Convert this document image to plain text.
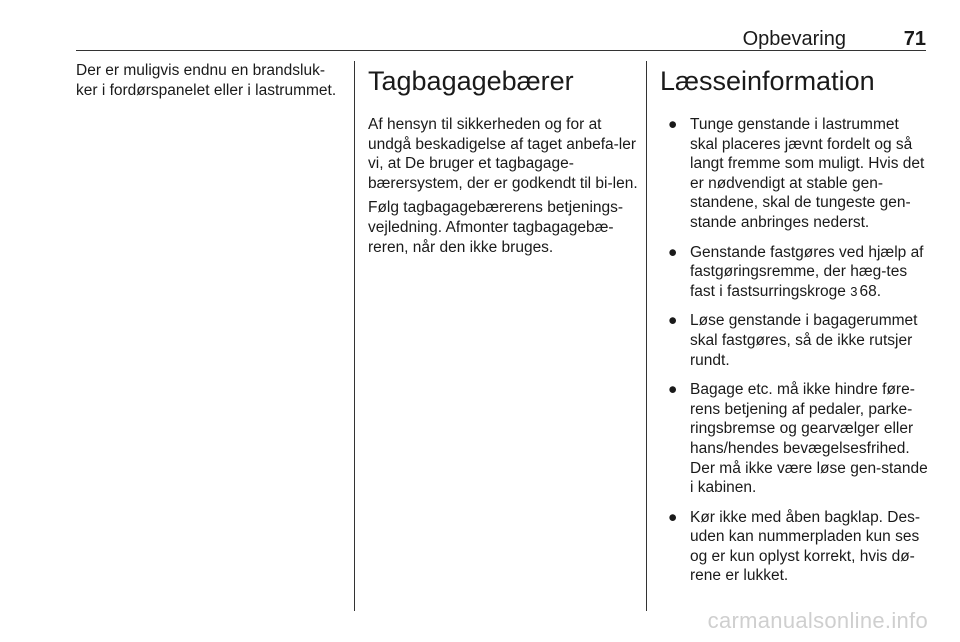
Opbevaring	71

Der er muligvis endnu en brandsluk-ker i fordørspanelet eller i lastrummet.	Tagbagagebærer

Af hensyn til sikkerheden og for at undgå beskadigelse af taget anbefa-ler vi, at De bruger et tagbagage-bærersystem, der er godkendt til bi-len.

Følg tagbagagebærerens betjenings-vejledning. Afmonter tagbagagebæ-reren, når den ikke bruges.

Læsseinformation
● Tunge genstande i lastrummet skal placeres jævnt fordelt og så langt fremme som muligt. Hvis det er nødvendigt at stable gen-standene, skal de tungeste gen-stande anbringes nederst.
● Genstande fastgøres ved hjælp af fastgøringsremme, der hæg-tes fast i fastsurringskroge 3 68.
● Løse genstande i bagagerummet skal fastgøres, så de ikke rutsjer rundt.
● Bagage etc. må ikke hindre føre-rens betjening af pedaler, parke-ringsbremse og gearvælger eller hans/hendes bevægelsesfrihed. Der må ikke være løse gen-stande i kabinen.
● Kør ikke med åben bagklap. Des-uden kan nummerpladen kun ses og er kun oplyst korrekt, hvis dø-rene er lukket.
carmanualsonline.info
